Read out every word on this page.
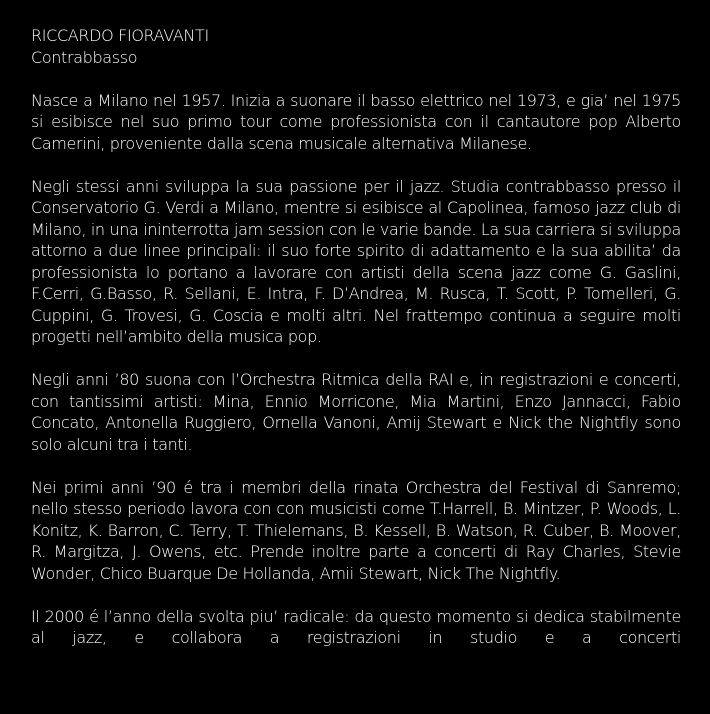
RICCARDO FIORAVANTI
Contrabbasso

Nasce a Milano nel 1957. Inizia a suonare il basso elettrico nel 1973, e gia’ nel 1975 si esibisce nel suo primo tour come professionista con il cantautore pop Alberto Camerini, proveniente dalla scena musicale alternativa Milanese.

Negli stessi anni sviluppa la sua passione per il jazz. Studia contrabbasso presso il Conservatorio G. Verdi a Milano, mentre si esibisce al Capolinea, famoso jazz club di Milano, in una ininterrotta jam session con le varie bande. La sua carriera si sviluppa attorno a due linee principali: il suo forte spirito di adattamento e la sua abilita’ da professionista lo portano a lavorare con artisti della scena jazz come G. Gaslini, F.Cerri, G.Basso, R. Sellani, E. Intra, F. D’Andrea, M. Rusca, T. Scott, P. Tomelleri, G. Cuppini, G. Trovesi, G. Coscia e molti altri. Nel frattempo continua a seguire molti progetti nell’ambito della musica pop.

Negli anni ’80 suona con l’Orchestra Ritmica della RAI e, in registrazioni e concerti, con tantissimi artisti: Mina, Ennio Morricone, Mia Martini, Enzo Jannacci, Fabio Concato, Antonella Ruggiero, Ornella Vanoni, Amij Stewart e Nick the Nightfly sono solo alcuni tra i tanti.

Nei primi anni ’90 é tra i membri della rinata Orchestra del Festival di Sanremo; nello stesso periodo lavora con con musicisti come T.Harrell, B. Mintzer, P. Woods, L. Konitz, K. Barron, C. Terry, T. Thielemans, B. Kessell, B. Watson, R. Cuber, B. Moover, R. Margitza, J. Owens, etc. Prende inoltre parte a concerti di Ray Charles, Stevie Wonder, Chico Buarque De Hollanda, Amii Stewart, Nick The Nightfly.

Il 2000 é l’anno della svolta piu’ radicale: da questo momento si dedica stabilmente al jazz, e collabora a registrazioni in studio e a concerti
